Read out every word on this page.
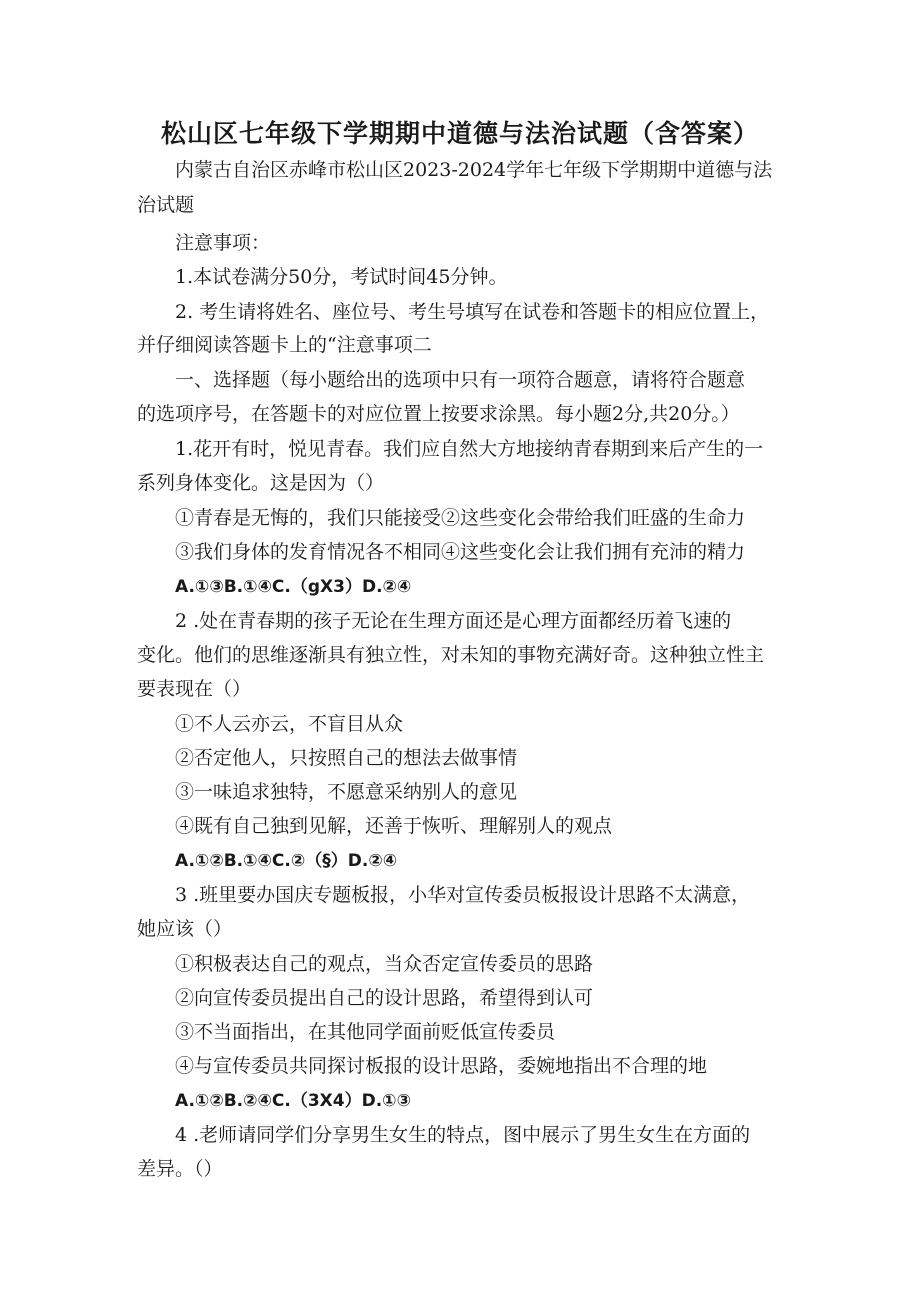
松山区七年级下学期期中道德与法治试题（含答案）

内蒙古自治区赤峰市松山区2023-2024学年七年级下学期期中道德与法

治试题

注意事项：

1.本试卷满分50分，考试时间45分钟。

2. 考生请将姓名、座位号、考生号填写在试卷和答题卡的相应位置上，

并仔细阅读答题卡上的“注意事项二

一、选择题（每小题给出的选项中只有一项符合题意，请将符合题意

的选项序号，在答题卡的对应位置上按要求涂黑。每小题2分,共20分。）

1.花开有时，悦见青春。我们应自然大方地接纳青春期到来后产生的一

系列身体变化。这是因为（）

①青春是无悔的，我们只能接受②这些变化会带给我们旺盛的生命力

③我们身体的发育情况各不相同④这些变化会让我们拥有充沛的精力

A.①③B.①④C.（gX3）D.②④

2 .处在青春期的孩子无论在生理方面还是心理方面都经历着飞速的

变化。他们的思维逐渐具有独立性，对未知的事物充满好奇。这种独立性主

要表现在（）

①不人云亦云，不盲目从众

②否定他人，只按照自己的想法去做事情

③一味追求独特，不愿意采纳别人的意见

④既有自己独到见解，还善于恢听、理解别人的观点

A.①②B.①④C.②（§）D.②④

3 .班里要办国庆专题板报，小华对宣传委员板报设计思路不太满意，

她应该（）

①积极表达自己的观点，当众否定宣传委员的思路

②向宣传委员提出自己的设计思路，希望得到认可

③不当面指出，在其他同学面前贬低宣传委员

④与宣传委员共同探讨板报的设计思路，委婉地指出不合理的地

A.①②B.②④C.（3X4）D.①③

4 .老师请同学们分享男生女生的特点，图中展示了男生女生在方面的

差异。（）
